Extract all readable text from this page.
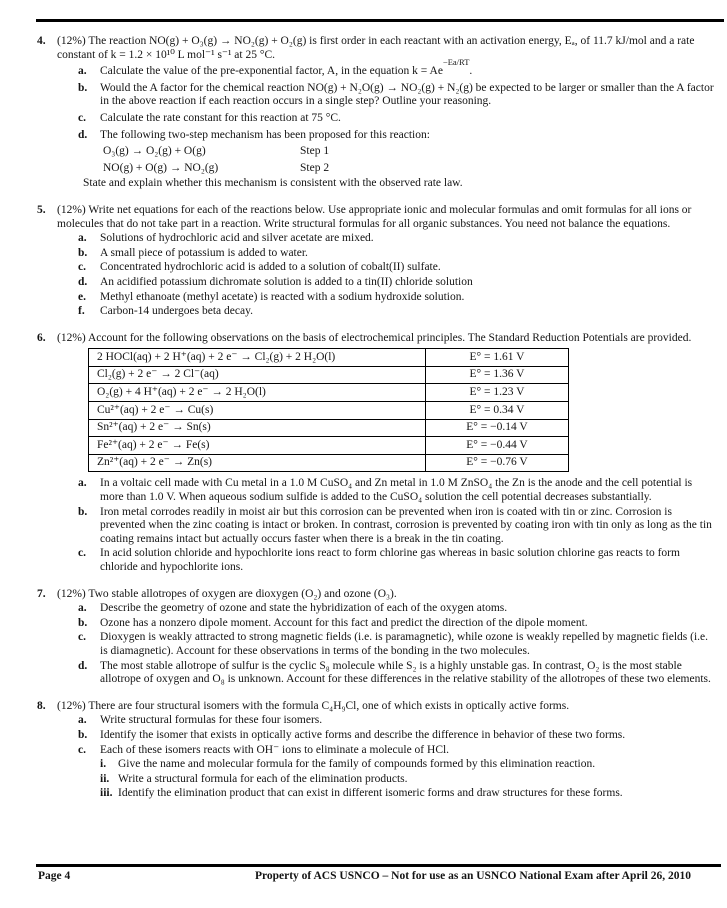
4. (12%) The reaction NO(g) + O₃(g) → NO₂(g) + O₂(g) is first order in each reactant with an activation energy, Eₐ, of 11.7 kJ/mol and a rate constant of k = 1.2 × 10¹⁰ L mol⁻¹ s⁻¹ at 25 °C.

a.	Calculate the value of the pre-exponential factor, A, in the equation $k = Ae^{-Ea/RT}$.

b.	Would the A factor for the chemical reaction NO(g) + N₂O(g) → NO₂(g) + N₂(g) be expected to be larger or smaller than the A factor in the above reaction if each reaction occurs in a single step? Outline your reasoning.

c.	Calculate the rate constant for this reaction at 75 °C.

d.	The following two-step mechanism has been proposed for this reaction:

O₃(g) → O₂(g) + O(g)	Step 1
NO(g) + O(g) → NO₂(g)	Step 2

State and explain whether this mechanism is consistent with the observed rate law.

5. (12%) Write net equations for each of the reactions below. Use appropriate ionic and molecular formulas and omit formulas for all ions or molecules that do not take part in a reaction. Write structural formulas for all organic substances. You need not balance the equations.

a.	Solutions of hydrochloric acid and silver acetate are mixed.

b.	A small piece of potassium is added to water.

c.	Concentrated hydrochloric acid is added to a solution of cobalt(II) sulfate.

d.	An acidified potassium dichromate solution is added to a tin(II) chloride solution

e.	Methyl ethanoate (methyl acetate) is reacted with a sodium hydroxide solution.

f.	Carbon-14 undergoes beta decay.

6. (12%) Account for the following observations on the basis of electrochemical principles. The Standard Reduction Potentials are provided.

2 HOCl(aq) + 2 H⁺(aq) + 2 e⁻ → Cl₂(g) + 2 H₂O(l)	E° = 1.61 V
Cl₂(g) + 2 e⁻ → 2 Cl⁻(aq)	E° = 1.36 V
O₂(g) + 4 H⁺(aq) + 2 e⁻ → 2 H₂O(l)	E° = 1.23 V
Cu²⁺(aq) + 2 e⁻ → Cu(s)	E° = 0.34 V
Sn²⁺(aq) + 2 e⁻ → Sn(s)	E° = −0.14 V
Fe²⁺(aq) + 2 e⁻ → Fe(s)	E° = −0.44 V
Zn²⁺(aq) + 2 e⁻ → Zn(s)	E° = −0.76 V
a.	In a voltaic cell made with Cu metal in a 1.0 M CuSO₄ and Zn metal in 1.0 M ZnSO₄ the Zn is the anode and the cell potential is more than 1.0 V. When aqueous sodium sulfide is added to the CuSO₄ solution the cell potential decreases substantially.

b.	Iron metal corrodes readily in moist air but this corrosion can be prevented when iron is coated with tin or zinc. Corrosion is prevented when the zinc coating is intact or broken. In contrast, corrosion is prevented by coating iron with tin only as long as the tin coating remains intact but actually occurs faster when there is a break in the tin coating.

c.	In acid solution chloride and hypochlorite ions react to form chlorine gas whereas in basic solution chlorine gas reacts to form chloride and hypochlorite ions.

7. (12%) Two stable allotropes of oxygen are dioxygen (O₂) and ozone (O₃).

a.	Describe the geometry of ozone and state the hybridization of each of the oxygen atoms.

b.	Ozone has a nonzero dipole moment. Account for this fact and predict the direction of the dipole moment.

c.	Dioxygen is weakly attracted to strong magnetic fields (i.e. is paramagnetic), while ozone is weakly repelled by magnetic fields (i.e. is diamagnetic). Account for these observations in terms of the bonding in the two molecules.

d.	The most stable allotrope of sulfur is the cyclic S₈ molecule while S₂ is a highly unstable gas. In contrast, O₂ is the most stable allotrope of oxygen and O₈ is unknown. Account for these differences in the relative stability of the allotropes of these two elements.

8. (12%) There are four structural isomers with the formula C₄H₉Cl, one of which exists in optically active forms.

a.	Write structural formulas for these four isomers.

b.	Identify the isomer that exists in optically active forms and describe the difference in behavior of these two forms.

c.	Each of these isomers reacts with OH⁻ ions to eliminate a molecule of HCl.

i.	Give the name and molecular formula for the family of compounds formed by this elimination reaction.

ii. Write a structural formula for each of the elimination products.

iii. Identify the elimination product that can exist in different isomeric forms and draw structures for these forms.

Page 4	Property of ACS USNCO – Not for use as an USNCO National Exam after April 26, 2010
